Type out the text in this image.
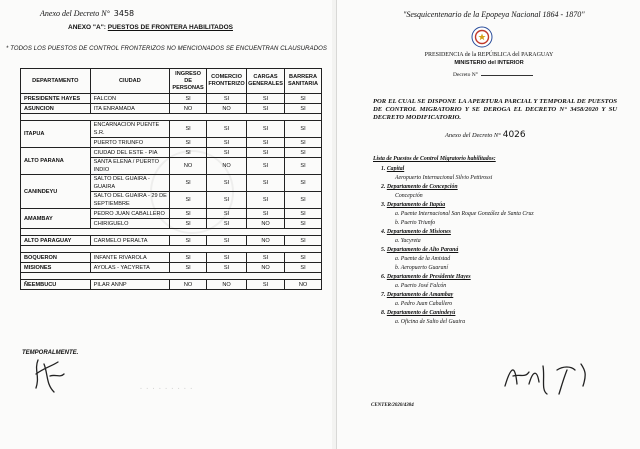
· · · · · · · · ·
Anexo del Decreto N° 3458
ANEXO "A": PUESTOS DE FRONTERA HABILITADOS
* TODOS LOS PUESTOS DE CONTROL FRONTERIZOS NO MENCIONADOS SE ENCUENTRAN CLAUSURADOS
DEPARTAMENTO	CIUDAD	INGRESO DE PERSONAS	COMERCIO FRONTERIZO	CARGAS GENERALES	BARRERA SANITARIA
PRESIDENTE HAYES	FALCON	SI	SI	SI	SI
ASUNCION	ITA ENRAMADA	NO	NO	SI	SI

ITAPUA	ENCARNACION PUENTE S.R.	SI	SI	SI	SI
	PUERTO TRIUNFO	SI	SI	SI	SI
ALTO PARANA	CIUDAD DEL ESTE - PIA	SI	SI	SI	SI
	SANTA ELENA / PUERTO INDIO	NO	NO	SI	SI
CANINDEYU	SALTO DEL GUAIRA - GUAIRA	SI	SI	SI	SI
	SALTO DEL GUAIRA - 29 DE SEPTIEMBRE	SI	SI	SI	SI
AMAMBAY	PEDRO JUAN CABALLERO	SI	SI	SI	SI
	CHIRIGUELO	SI	SI	NO	SI

ALTO PARAGUAY	CARMELO PERALTA	SI	SI	NO	SI

BOQUERON	INFANTE RIVAROLA	SI	SI	SI	SI
MISIONES	AYOLAS - YACYRETA	SI	SI	NO	SI

ÑEEMBUCU	PILAR ANNP	NO	NO	SI	NO
TEMPORALMENTE.
"Sesquicentenario de la Epopeya Nacional 1864 - 1870"
PRESIDENCIA de la REPÚBLICA del PARAGUAY
MINISTERIO del INTERIOR
Decreto N°
POR EL CUAL SE DISPONE LA APERTURA PARCIAL Y TEMPORAL DE PUESTOS DE CONTROL MIGRATORIO Y SE DEROGA EL DECRETO N° 3458/2020 Y SU DECRETO MODIFICATORIO.
Anexo del Decreto N° 4026
Lista de Puestos de Control Migratorio habilitados:
1. Capital
Aeropuerto Internacional Silvio Pettirossi
2. Departamento de Concepción
Concepción
3. Departamento de Itapúa
a. Puente Internacional San Roque González de Santa Cruz
b. Puerto Triunfo
4. Departamento de Misiones
a. Yacyreta
5. Departamento de Alto Paraná
a. Puente de la Amistad
b. Aeropuerto Guaraní
6. Departamento de Presidente Hayes
a. Puerto José Falcón
7. Departamento de Amambay
a. Pedro Juan Caballero
8. Departamento de Canindeyú
a. Oficina de Salto del Guaira
CENTER/2020/4384
